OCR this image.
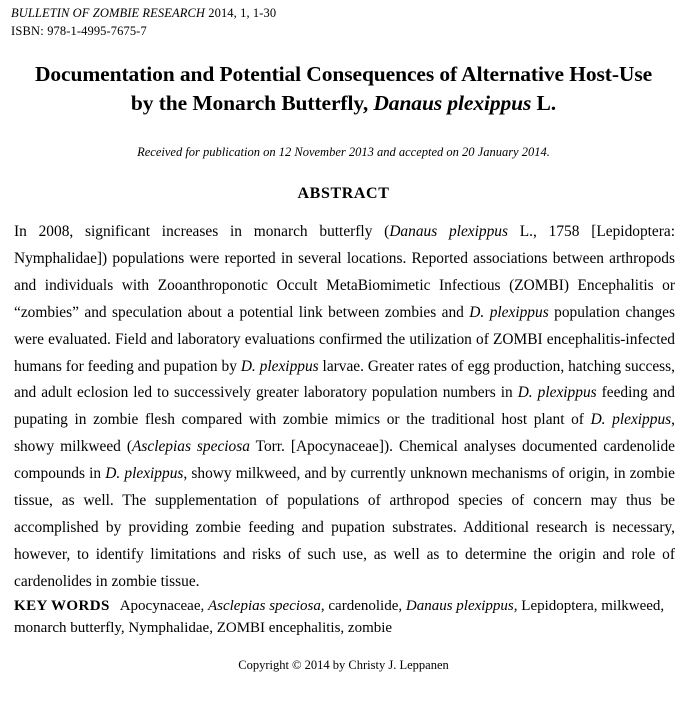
BULLETIN OF ZOMBIE RESEARCH 2014, 1, 1-30
ISBN: 978-1-4995-7675-7
Documentation and Potential Consequences of Alternative Host-Use
by the Monarch Butterfly, Danaus plexippus L.
Received for publication on 12 November 2013 and accepted on 20 January 2014.
ABSTRACT
In 2008, significant increases in monarch butterfly (Danaus plexippus L., 1758 [Lepidoptera: Nymphalidae]) populations were reported in several locations. Reported associations between arthropods and individuals with Zooanthroponotic Occult MetaBiomimetic Infectious (ZOMBI) Encephalitis or “zombies” and speculation about a potential link between zombies and D. plexippus population changes were evaluated. Field and laboratory evaluations confirmed the utilization of ZOMBI encephalitis-infected humans for feeding and pupation by D. plexippus larvae. Greater rates of egg production, hatching success, and adult eclosion led to successively greater laboratory population numbers in D. plexippus feeding and pupating in zombie flesh compared with zombie mimics or the traditional host plant of D. plexippus, showy milkweed (Asclepias speciosa Torr. [Apocynaceae]). Chemical analyses documented cardenolide compounds in D. plexippus, showy milkweed, and by currently unknown mechanisms of origin, in zombie tissue, as well. The supplementation of populations of arthropod species of concern may thus be accomplished by providing zombie feeding and pupation substrates. Additional research is necessary, however, to identify limitations and risks of such use, as well as to determine the origin and role of cardenolides in zombie tissue.
KEY WORDS Apocynaceae, Asclepias speciosa, cardenolide, Danaus plexippus, Lepidoptera, milkweed, monarch butterfly, Nymphalidae, ZOMBI encephalitis, zombie
Copyright © 2014 by Christy J. Leppanen
